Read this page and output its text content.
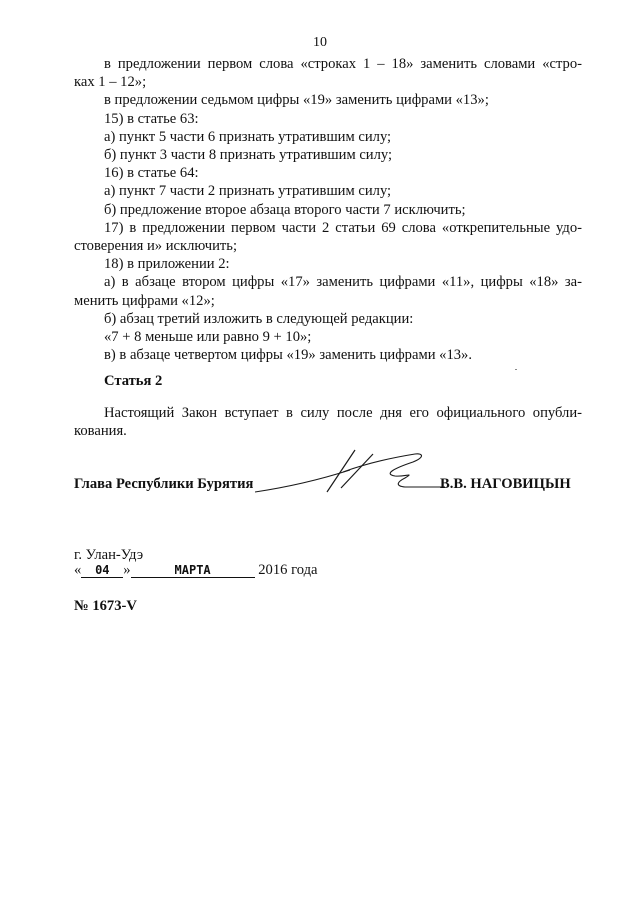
10
в предложении первом слова «строках 1 – 18» заменить словами «стро-
ках 1 – 12»;
в предложении седьмом цифры «19» заменить цифрами «13»;
15) в статье 63:
а) пункт 5 части 6 признать утратившим силу;
б) пункт 3 части 8 признать утратившим силу;
16) в статье 64:
а) пункт 7 части 2 признать утратившим силу;
б) предложение второе абзаца второго части 7 исключить;
17) в предложении первом части 2 статьи 69 слова «открепительные удо-
стоверения и» исключить;
18) в приложении 2:
а) в абзаце втором цифры «17» заменить цифрами «11», цифры «18» за-
менить цифрами «12»;
б) абзац третий изложить в следующей редакции:
«7 + 8 меньше или равно 9 + 10»;
в) в абзаце четвертом цифры «19» заменить цифрами «13».
Статья 2
Настоящий Закон вступает в силу после дня его официального опубли-
кования.
Глава Республики Бурятия	В.В. НАГОВИЦЫН
г. Улан-Удэ
« 04 »	МАРТА	2016 года
№ 1673-V
